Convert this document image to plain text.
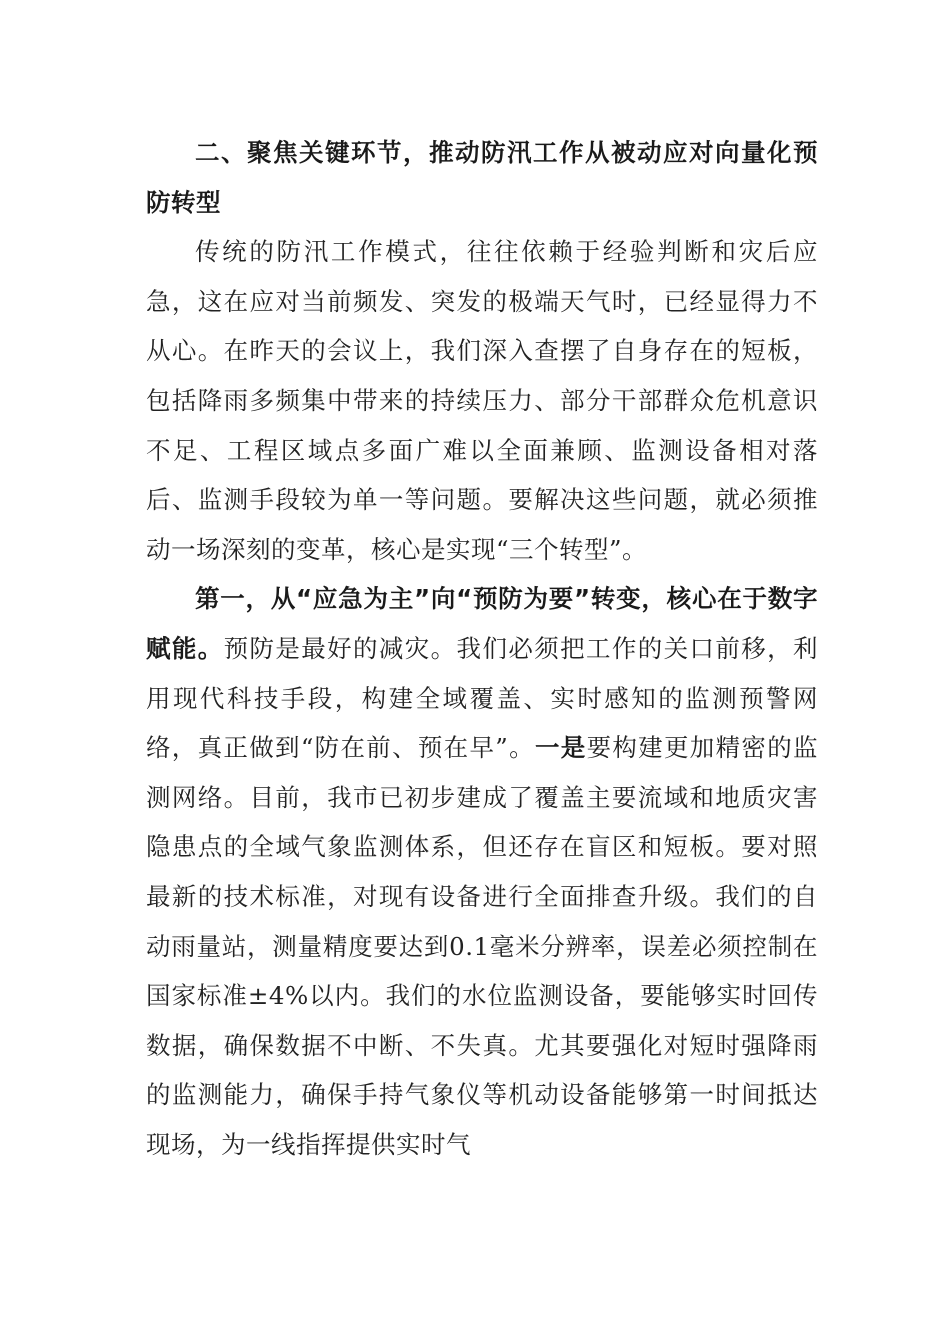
二、聚焦关键环节，推动防汛工作从被动应对向量化预防转型

传统的防汛工作模式，往往依赖于经验判断和灾后应急，这在应对当前频发、突发的极端天气时，已经显得力不从心。在昨天的会议上，我们深入查摆了自身存在的短板，包括降雨多频集中带来的持续压力、部分干部群众危机意识不足、工程区域点多面广难以全面兼顾、监测设备相对落后、监测手段较为单一等问题。要解决这些问题，就必须推动一场深刻的变革，核心是实现“三个转型”。

第一，从“应急为主”向“预防为要”转变，核心在于数字赋能。预防是最好的减灾。我们必须把工作的关口前移，利用现代科技手段，构建全域覆盖、实时感知的监测预警网络，真正做到“防在前、预在早”。一是要构建更加精密的监测网络。目前，我市已初步建成了覆盖主要流域和地质灾害隐患点的全域气象监测体系，但还存在盲区和短板。要对照最新的技术标准，对现有设备进行全面排查升级。我们的自动雨量站，测量精度要达到0.1毫米分辨率，误差必须控制在国家标准±4%以内。我们的水位监测设备，要能够实时回传数据，确保数据不中断、不失真。尤其要强化对短时强降雨的监测能力，确保手持气象仪等机动设备能够第一时间抵达现场，为一线指挥提供实时气
